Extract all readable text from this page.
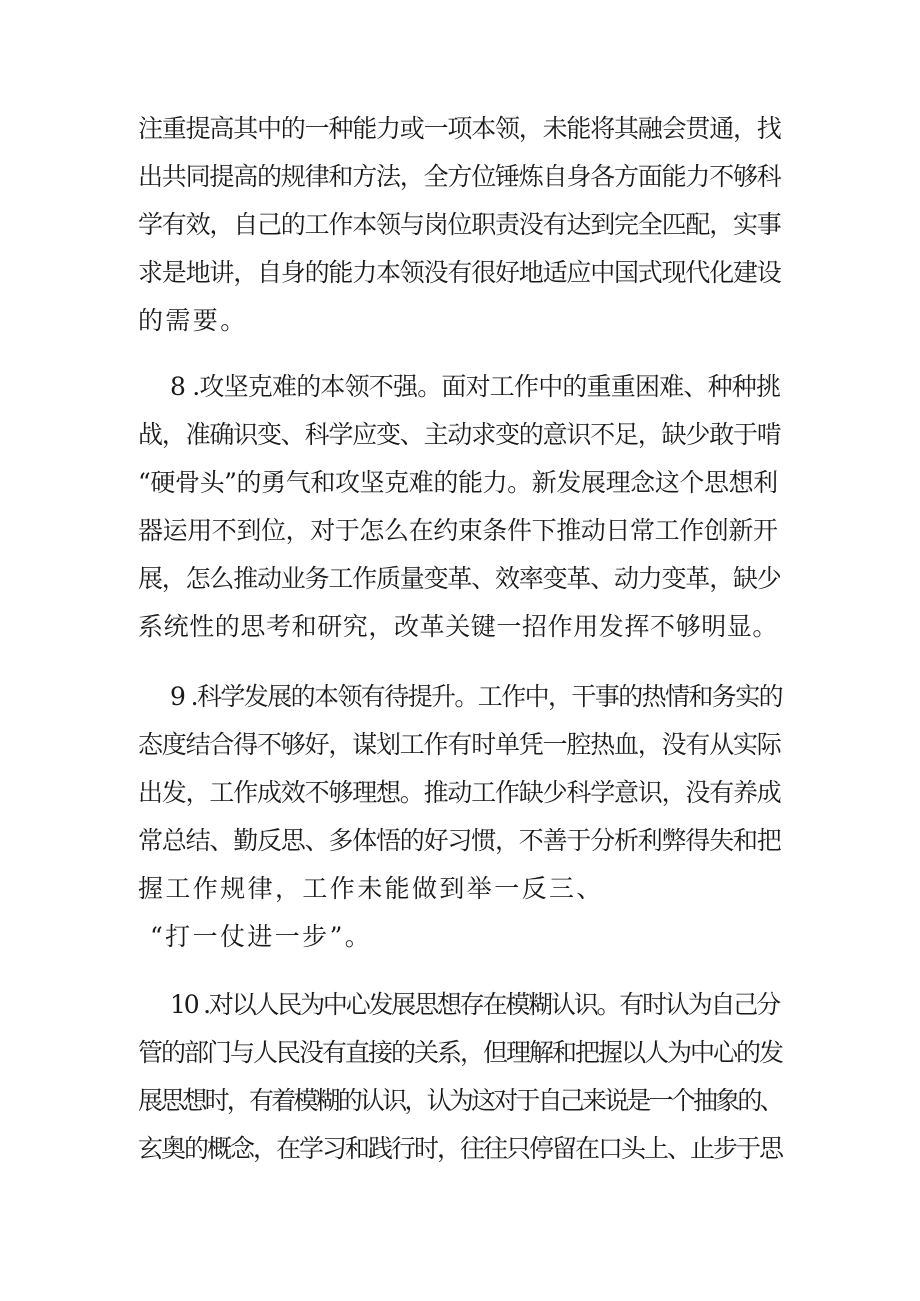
注重提高其中的一种能力或一项本领，未能将其融会贯通，找
出共同提高的规律和方法，全方位锤炼自身各方面能力不够科
学有效，自己的工作本领与岗位职责没有达到完全匹配，实事
求是地讲，自身的能力本领没有很好地适应中国式现代化建设
的需要。
8 .攻坚克难的本领不强。面对工作中的重重困难、种种挑
战，准确识变、科学应变、主动求变的意识不足，缺少敢于啃
“硬骨头”的勇气和攻坚克难的能力。新发展理念这个思想利
器运用不到位，对于怎么在约束条件下推动日常工作创新开
展，怎么推动业务工作质量变革、效率变革、动力变革，缺少
系统性的思考和研究，改革关键一招作用发挥不够明显。
9 .科学发展的本领有待提升。工作中，干事的热情和务实的
态度结合得不够好，谋划工作有时单凭一腔热血，没有从实际
出发，工作成效不够理想。推动工作缺少科学意识，没有养成
常总结、勤反思、多体悟的好习惯，不善于分析利弊得失和把
握工作规律，工作未能做到举一反三、
“打一仗进一步”。
10 .对以人民为中心发展思想存在模糊认识。有时认为自己分
管的部门与人民没有直接的关系，但理解和把握以人为中心的发
展思想时，有着模糊的认识，认为这对于自己来说是一个抽象的、
玄奥的概念，在学习和践行时，往往只停留在口头上、止步于思
